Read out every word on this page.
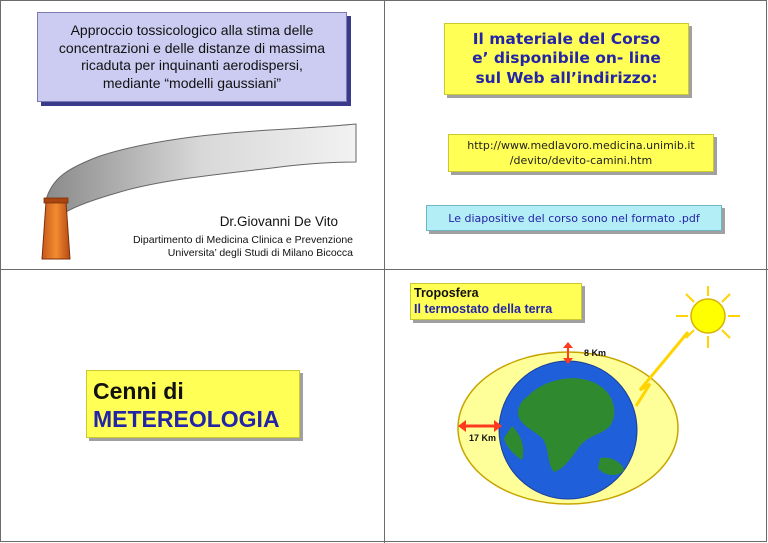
Approccio tossicologico alla stima delle
concentrazioni e delle distanze di massima
ricaduta per inquinanti aerodispersi,
mediante “modelli gaussiani”
Dr.Giovanni De Vito
Dipartimento di Medicina Clinica e Prevenzione
Universita’ degli Studi di Milano Bicocca
Il materiale del Corso
e’ disponibile on- line
sul Web all’indirizzo:
http://www.medlavoro.medicina.unimib.it
/devito/devito-camini.htm
Le diapositive del corso sono nel formato .pdf
Cenni di
METEREOLOGIA
8 Km
17 Km
Troposfera
Il termostato della terra
